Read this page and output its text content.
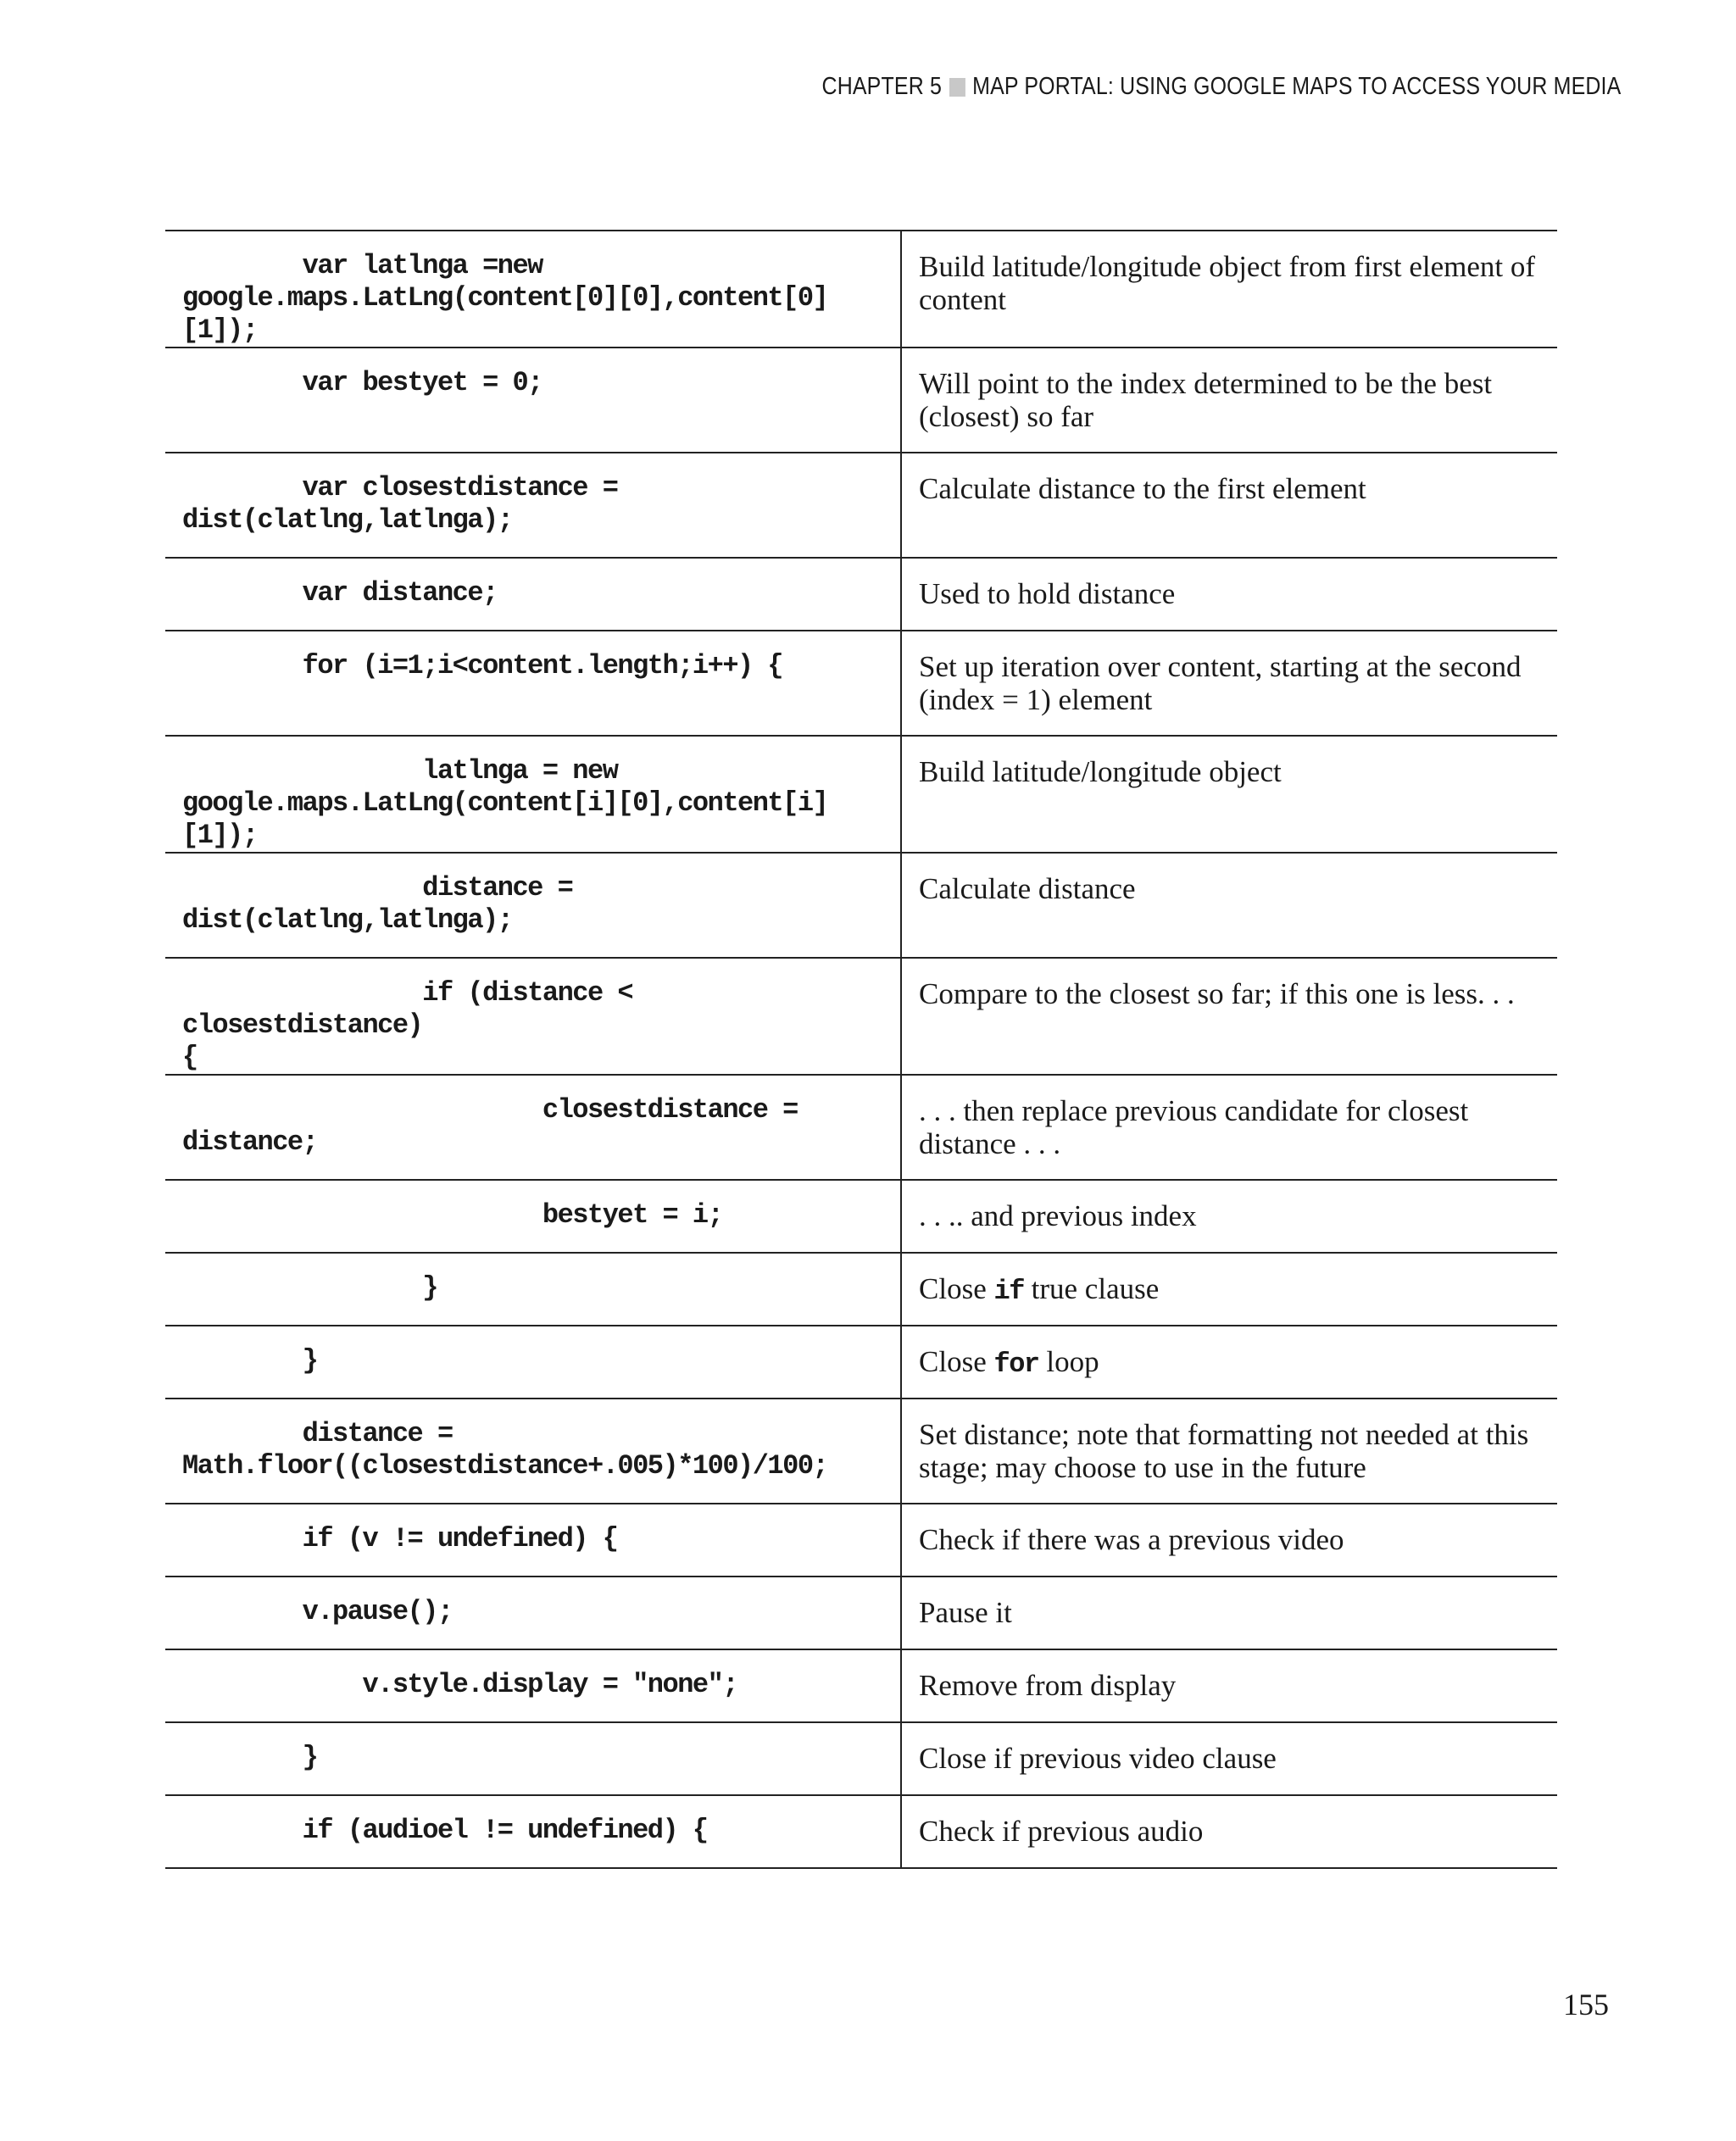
CHAPTER 5 MAP PORTAL: USING GOOGLE MAPS TO ACCESS YOUR MEDIA
var latlnga =new
google.maps.LatLng(content[0][0],content[0][1]);	Build latitude/longitude object from first element of content
var bestyet = 0;	Will point to the index determined to be the best (closest) so far
var closestdistance =
dist(clatlng,latlnga);	Calculate distance to the first element
var distance;	Used to hold distance
for (i=1;i<content.length;i++) {	Set up iteration over content, starting at the second (index = 1) element
latlnga = new
google.maps.LatLng(content[i][0],content[i][1]);	Build latitude/longitude object
distance =
dist(clatlng,latlnga);	Calculate distance
if (distance < closestdistance)
{	Compare to the closest so far; if this one is less. . .
closestdistance =
distance;	. . . then replace previous candidate for closest distance . . .
bestyet = i;	. . .. and previous index
}	Close if true clause
}	Close for loop
distance =
Math.floor((closestdistance+.005)*100)/100;	Set distance; note that formatting not needed at this stage; may choose to use in the future
if (v != undefined) {	Check if there was a previous video
v.pause();	Pause it
v.style.display = "none";	Remove from display
}	Close if previous video clause
if (audioel != undefined) {	Check if previous audio
155
